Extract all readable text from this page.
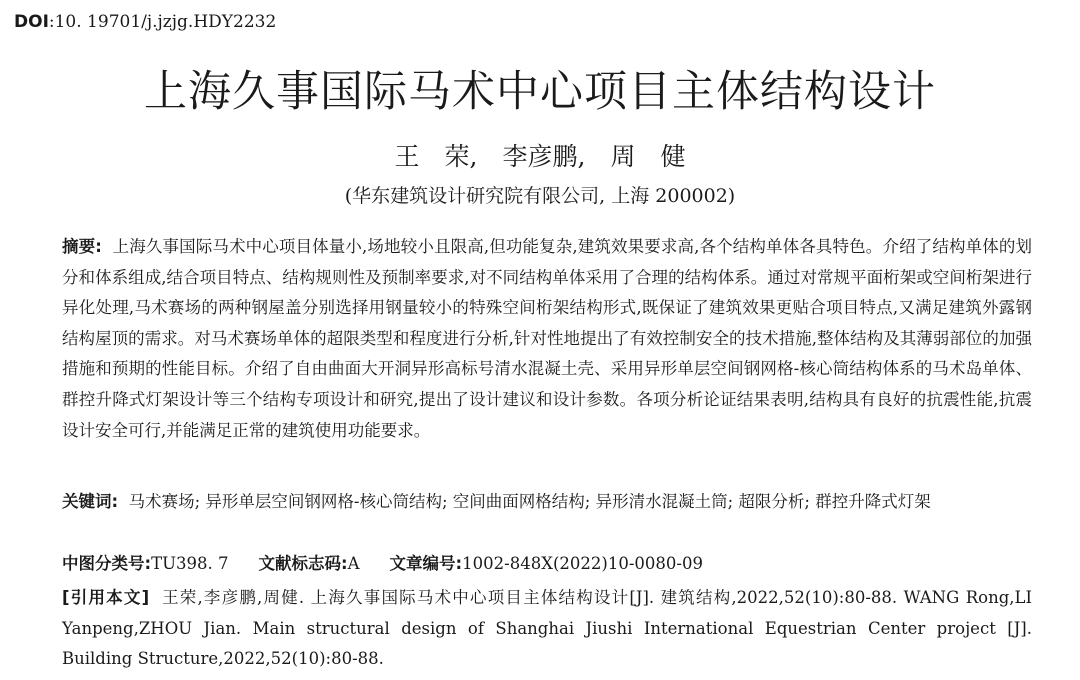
DOI:10. 19701/j.jzjg.HDY2232
上海久事国际马术中心项目主体结构设计
王　荣,　李彦鹏,　周　健
(华东建筑设计研究院有限公司, 上海 200002)

摘要: 上海久事国际马术中心项目体量小,场地较小且限高,但功能复杂,建筑效果要求高,各个结构单体各具特色。介绍了结构单体的划分和体系组成,结合项目特点、结构规则性及预制率要求,对不同结构单体采用了合理的结构体系。通过对常规平面桁架或空间桁架进行异化处理,马术赛场的两种钢屋盖分别选择用钢量较小的特殊空间桁架结构形式,既保证了建筑效果更贴合项目特点,又满足建筑外露钢结构屋顶的需求。对马术赛场单体的超限类型和程度进行分析,针对性地提出了有效控制安全的技术措施,整体结构及其薄弱部位的加强措施和预期的性能目标。介绍了自由曲面大开洞异形高标号清水混凝土壳、采用异形单层空间钢网格-核心筒结构体系的马术岛单体、群控升降式灯架设计等三个结构专项设计和研究,提出了设计建议和设计参数。各项分析论证结果表明,结构具有良好的抗震性能,抗震设计安全可行,并能满足正常的建筑使用功能要求。

关键词: 马术赛场; 异形单层空间钢网格-核心筒结构; 空间曲面网格结构; 异形清水混凝土筒; 超限分析; 群控升降式灯架

中图分类号:TU398. 7 文献标志码:A 文章编号:1002-848X(2022)10-0080-09

[引用本文] 王荣,李彦鹏,周健. 上海久事国际马术中心项目主体结构设计[J]. 建筑结构,2022,52(10):80-88. WANG Rong,LI Yanpeng,ZHOU Jian. Main structural design of Shanghai Jiushi International Equestrian Center project [J]. Building Structure,2022,52(10):80-88.
